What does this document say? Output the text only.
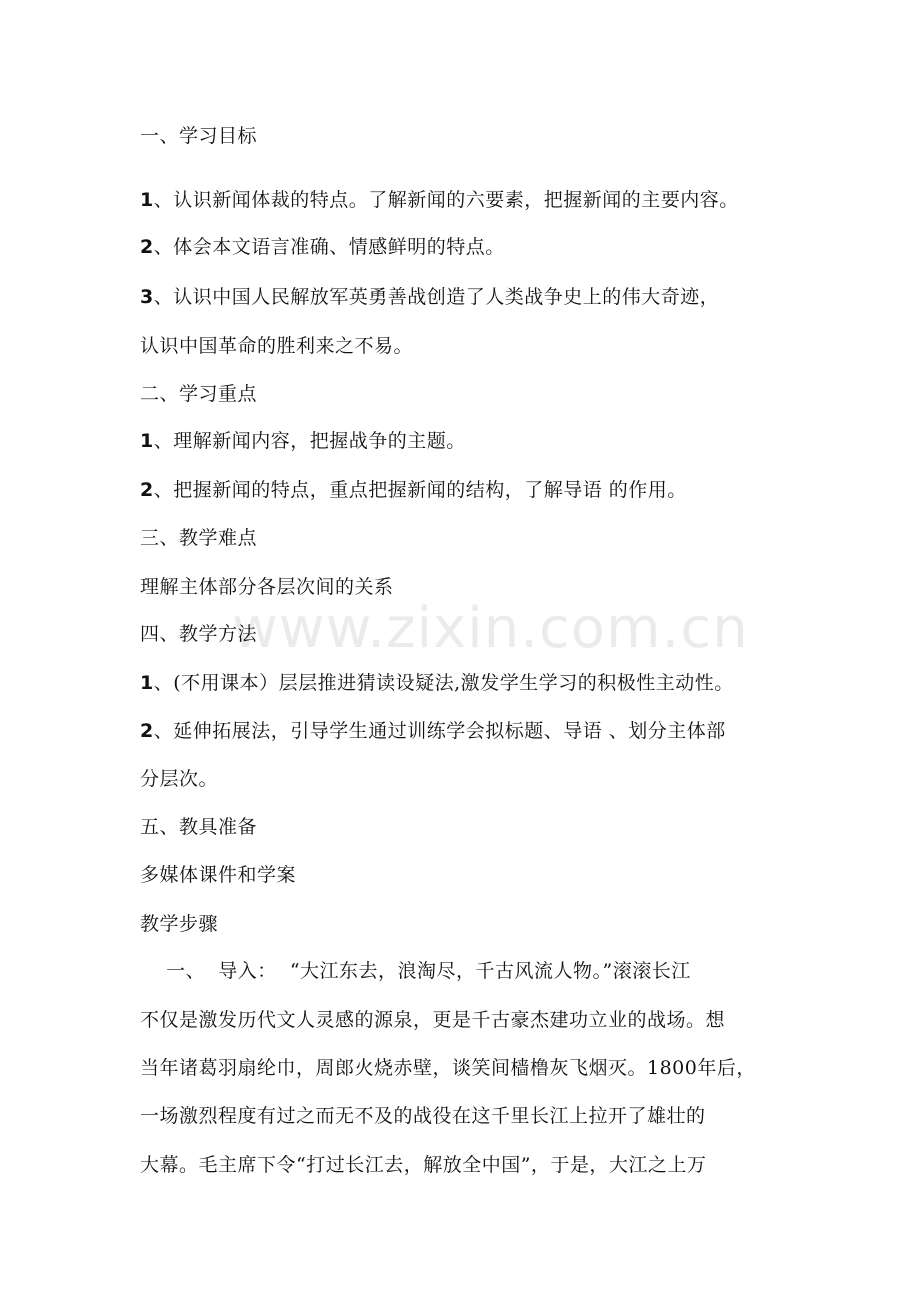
www.zixin.com.cn
一、学习目标
1、认识新闻体裁的特点。了解新闻的六要素，把握新闻的主要内容。
2、体会本文语言准确、情感鲜明的特点。
3、认识中国人民解放军英勇善战创造了人类战争史上的伟大奇迹，
认识中国革命的胜利来之不易。
二、学习重点
1、理解新闻内容，把握战争的主题。
2、把握新闻的特点，重点把握新闻的结构，了解导语 的作用。
三、教学难点
理解主体部分各层次间的关系
四、教学方法
1、(不用课本）层层推进猜读设疑法,激发学生学习的积极性主动性。
2、延伸拓展法，引导学生通过训练学会拟标题、导语 、划分主体部
分层次。
五、教具准备
多媒体课件和学案
教学步骤
一、  导入：  “大江东去，浪淘尽，千古风流人物。”滚滚长江
不仅是激发历代文人灵感的源泉，更是千古豪杰建功立业的战场。想
当年诸葛羽扇纶巾，周郎火烧赤壁，谈笑间樯橹灰飞烟灭。1800年后，
一场激烈程度有过之而无不及的战役在这千里长江上拉开了雄壮的
大幕。毛主席下令“打过长江去，解放全中国”，于是，大江之上万
